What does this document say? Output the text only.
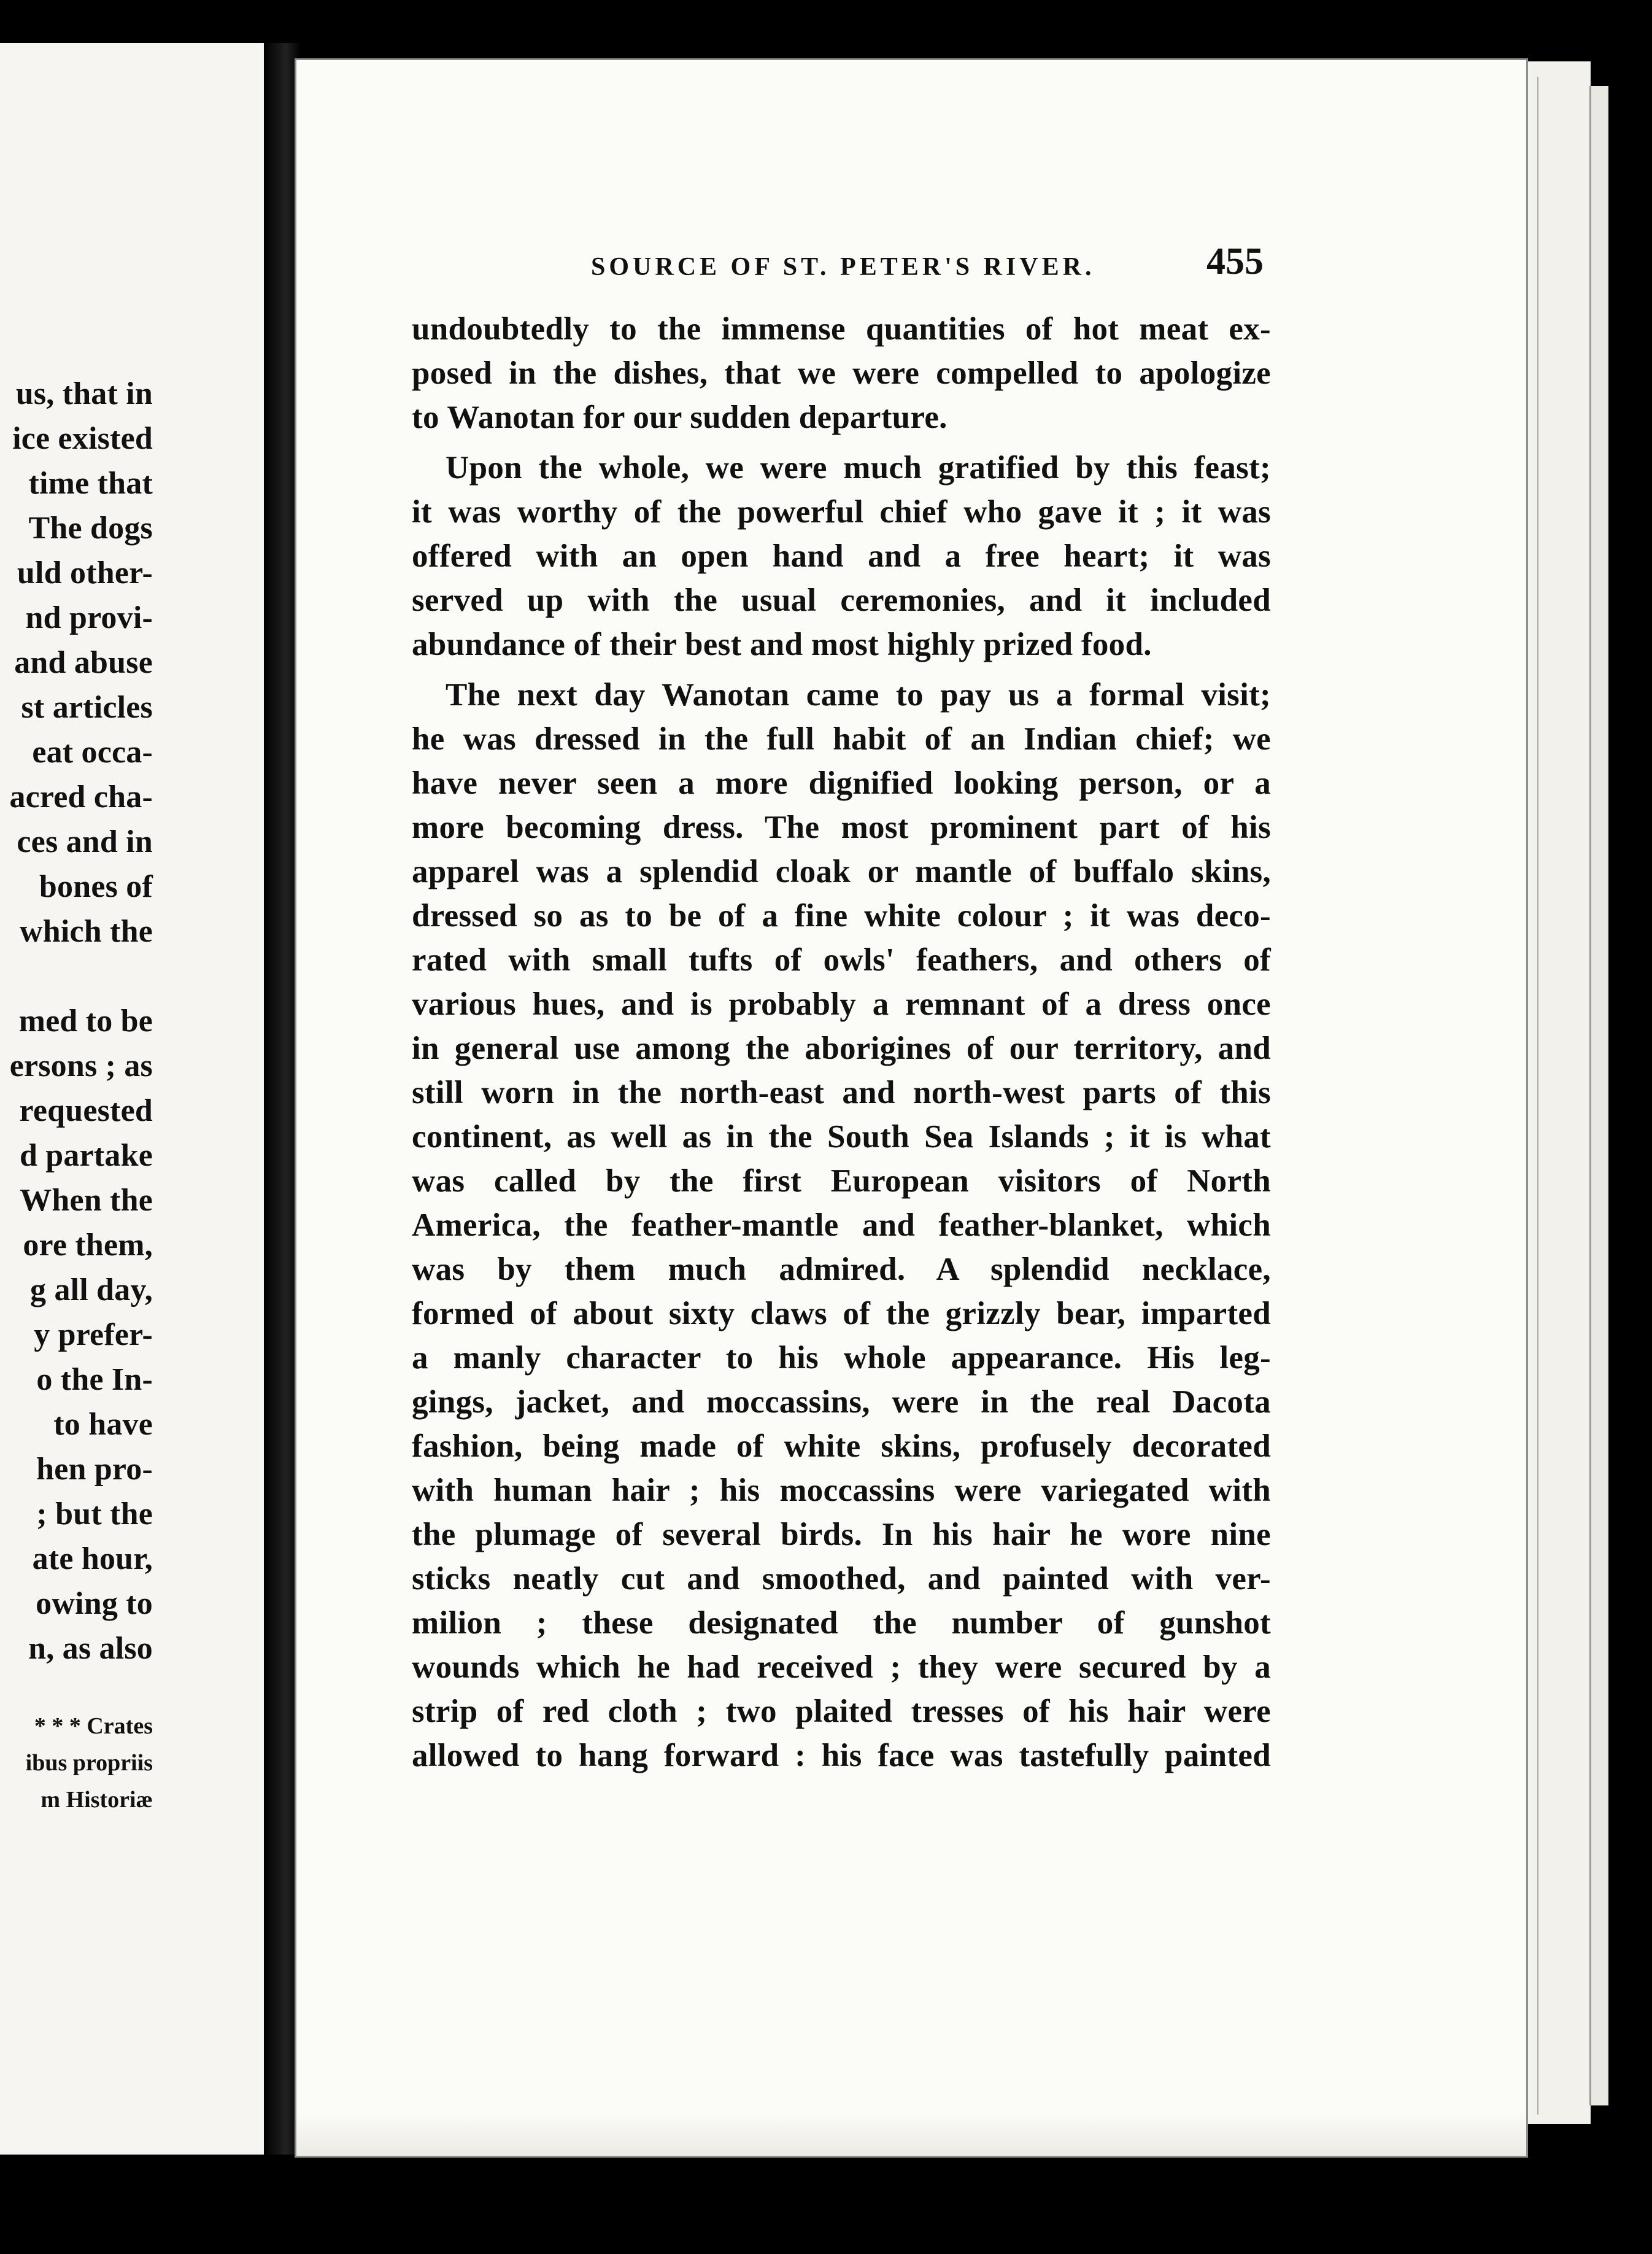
us, that in
ice existed
time that
The dogs
uld other-
nd provi-
and abuse
st articles
eat occa-
acred cha-
ces and in
bones of
which the
med to be
ersons ; as
requested
d partake
When the
ore them,
g all day,
y prefer-
o the In-
to have
hen pro-
; but the
ate hour,
owing to
n, as also
* * * Crates
ibus propriis
m Historiæ
SOURCE OF ST. PETER'S RIVER.	455
undoubtedly to the immense quantities of hot meat ex-
posed in the dishes, that we were compelled to apologize
to Wanotan for our sudden departure.
Upon the whole, we were much gratified by this feast;
it was worthy of the powerful chief who gave it ; it was
offered with an open hand and a free heart; it was
served up with the usual ceremonies, and it included
abundance of their best and most highly prized food.
The next day Wanotan came to pay us a formal visit;
he was dressed in the full habit of an Indian chief; we
have never seen a more dignified looking person, or a
more becoming dress. The most prominent part of his
apparel was a splendid cloak or mantle of buffalo skins,
dressed so as to be of a fine white colour ; it was deco-
rated with small tufts of owls' feathers, and others of
various hues, and is probably a remnant of a dress once
in general use among the aborigines of our territory, and
still worn in the north-east and north-west parts of this
continent, as well as in the South Sea Islands ; it is what
was called by the first European visitors of North
America, the feather-mantle and feather-blanket, which
was by them much admired. A splendid necklace,
formed of about sixty claws of the grizzly bear, imparted
a manly character to his whole appearance. His leg-
gings, jacket, and moccassins, were in the real Dacota
fashion, being made of white skins, profusely decorated
with human hair ; his moccassins were variegated with
the plumage of several birds. In his hair he wore nine
sticks neatly cut and smoothed, and painted with ver-
milion ; these designated the number of gunshot
wounds which he had received ; they were secured by a
strip of red cloth ; two plaited tresses of his hair were
allowed to hang forward : his face was tastefully painted
